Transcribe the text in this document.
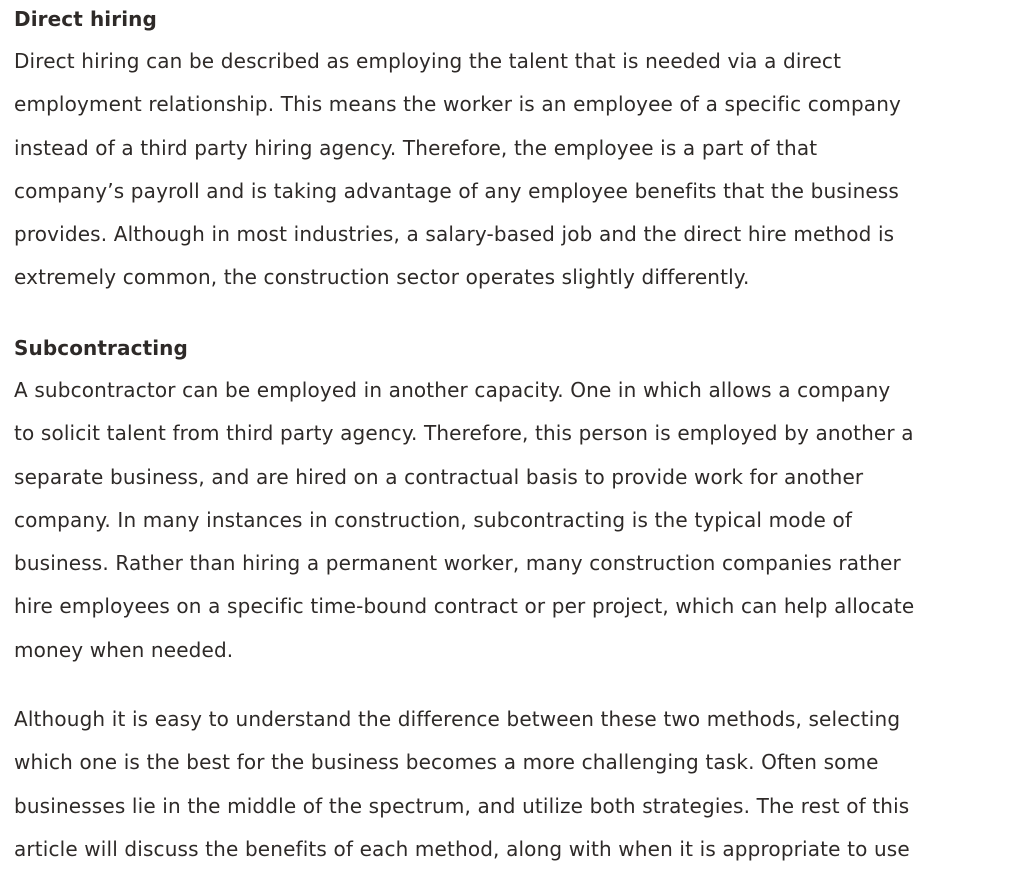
Direct hiring

Direct hiring can be described as employing the talent that is needed via a direct
employment relationship. This means the worker is an employee of a specific company
instead of a third party hiring agency. Therefore, the employee is a part of that
company’s payroll and is taking advantage of any employee benefits that the business
provides. Although in most industries, a salary-based job and the direct hire method is
extremely common, the construction sector operates slightly differently.

Subcontracting

A subcontractor can be employed in another capacity. One in which allows a company
to solicit talent from third party agency. Therefore, this person is employed by another a
separate business, and are hired on a contractual basis to provide work for another
company. In many instances in construction, subcontracting is the typical mode of
business. Rather than hiring a permanent worker, many construction companies rather
hire employees on a specific time-bound contract or per project, which can help allocate
money when needed.

Although it is easy to understand the difference between these two methods, selecting
which one is the best for the business becomes a more challenging task. Often some
businesses lie in the middle of the spectrum, and utilize both strategies. The rest of this
article will discuss the benefits of each method, along with when it is appropriate to use
